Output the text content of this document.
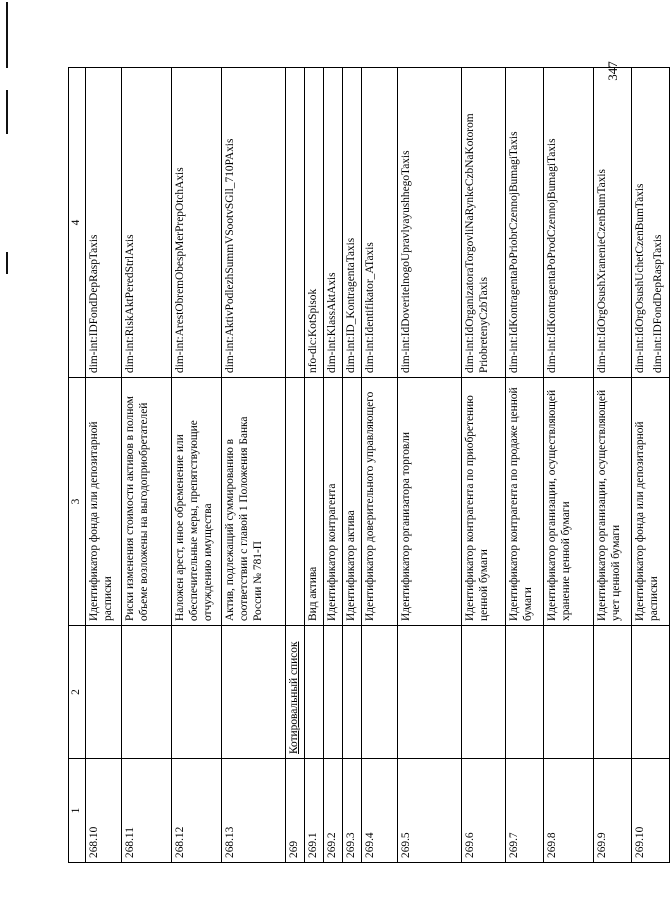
347
1	2	3	4
268.10		Идентификатор фонда или депозитарной расписки	dim-int:IDFondDepRaspTaxis
268.11		Риски изменения стоимости активов в полном объеме возложены на выгодоприобретателей	dim-int:RiskAktPeredStrlAxis
268.12		Наложен арест, иное обременение или обеспечительные меры, препятствующие отчуждению имущества	dim-int:ArestObremObespMerPrepOtchAxis
268.13		Актив, подлежащий суммированию в соответствии с главой 1 Положения Банка России № 781-П	dim-int:AktivPodlezhSummVSootvSGll_710PAxis
269	Котировальный список		
269.1		Вид актива	nfo-dic:KotSpisok
269.2		Идентификатор контрагента	dim-int:KlassAktAxis
269.3		Идентификатор актива	dim-int:ID_KontragentaTaxis
269.4		Идентификатор доверительного управляющего	dim-int:Identifikator_ATaxis
269.5		Идентификатор организатора торговли	dim-int:IdDoveritelnogoUpravlyayushhegoTaxis
269.6		Идентификатор контрагента по приобретению ценной бумаги	dim-int:IdOrganizatoraTorgovliNaRynkeCzbNaKotorom PriobretenyCzbTaxis
269.7		Идентификатор контрагента по продаже ценной бумаги	dim-int:IdKontragentaPoPriobrCzennojBumagiTaxis
269.8		Идентификатор организации, осуществляющей хранение ценной бумаги	dim-int:IdKontragentaPoProdCzennojBumagiTaxis
269.9		Идентификатор организации, осуществляющей учет ценной бумаги	dim-int:IdOrgOsushXranenieCzenBumTaxis
269.10		Идентификатор фонда или депозитарной расписки	dim-int:IdOrgOsushUchetCzenBumTaxis dim-int:IDFondDepRaspTaxis
